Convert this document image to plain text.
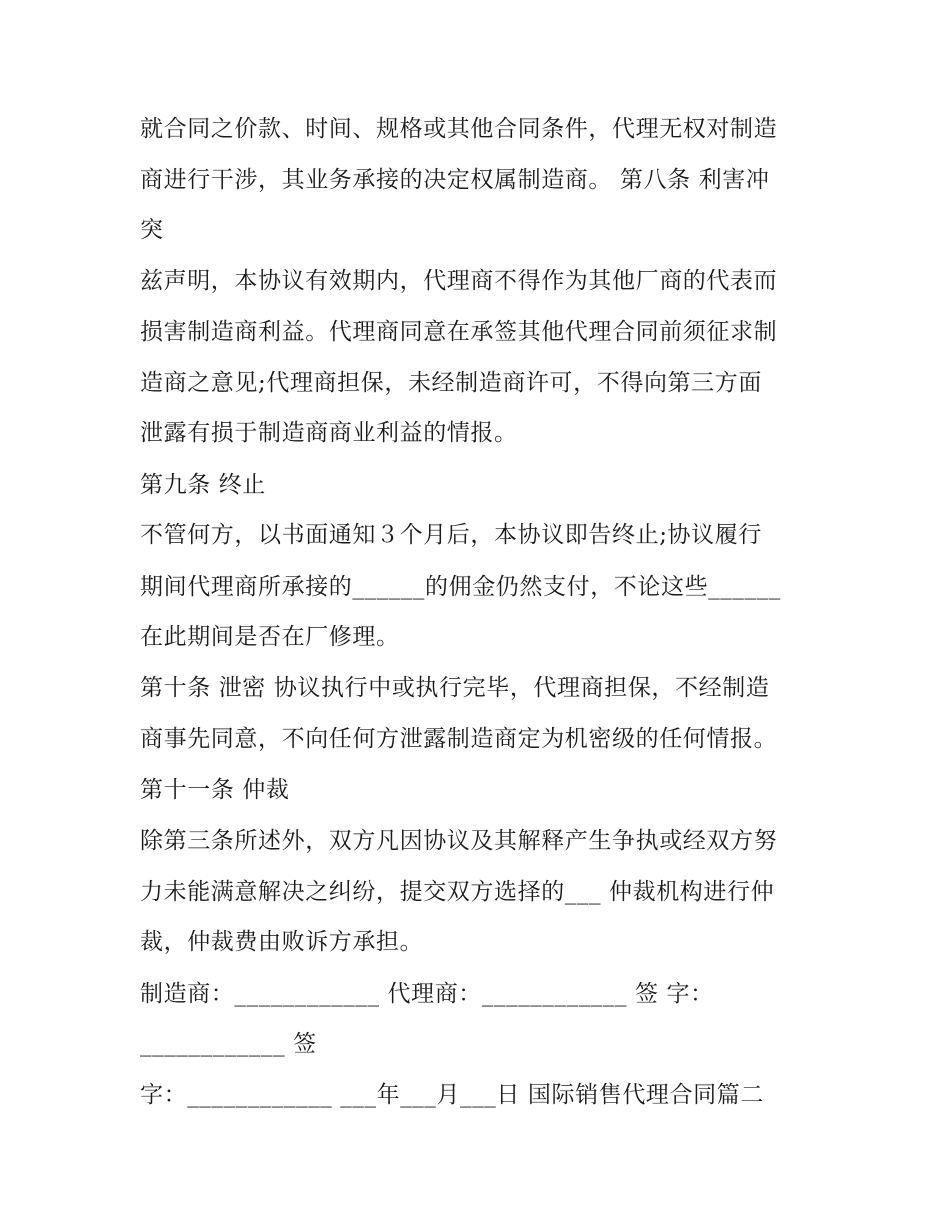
就合同之价款、时间、规格或其他合同条件，代理无权对制造
商进行干涉，其业务承接的决定权属制造商。 第八条 利害冲
突
兹声明，本协议有效期内，代理商不得作为其他厂商的代表而
损害制造商利益。代理商同意在承签其他代理合同前须征求制
造商之意见;代理商担保，未经制造商许可，不得向第三方面
泄露有损于制造商商业利益的情报。
第九条 终止
不管何方，以书面通知３个月后，本协议即告终止;协议履行
期间代理商所承接的______的佣金仍然支付，不论这些______
在此期间是否在厂修理。
第十条 泄密 协议执行中或执行完毕，代理商担保，不经制造
商事先同意，不向任何方泄露制造商定为机密级的任何情报。
第十一条 仲裁
除第三条所述外，双方凡因协议及其解释产生争执或经双方努
力未能满意解决之纠纷，提交双方选择的___ 仲裁机构进行仲
裁，仲裁费由败诉方承担。
制造商：____________ 代理商：____________ 签 字：
____________ 签
字：____________ ___年___月___日 国际销售代理合同篇二
